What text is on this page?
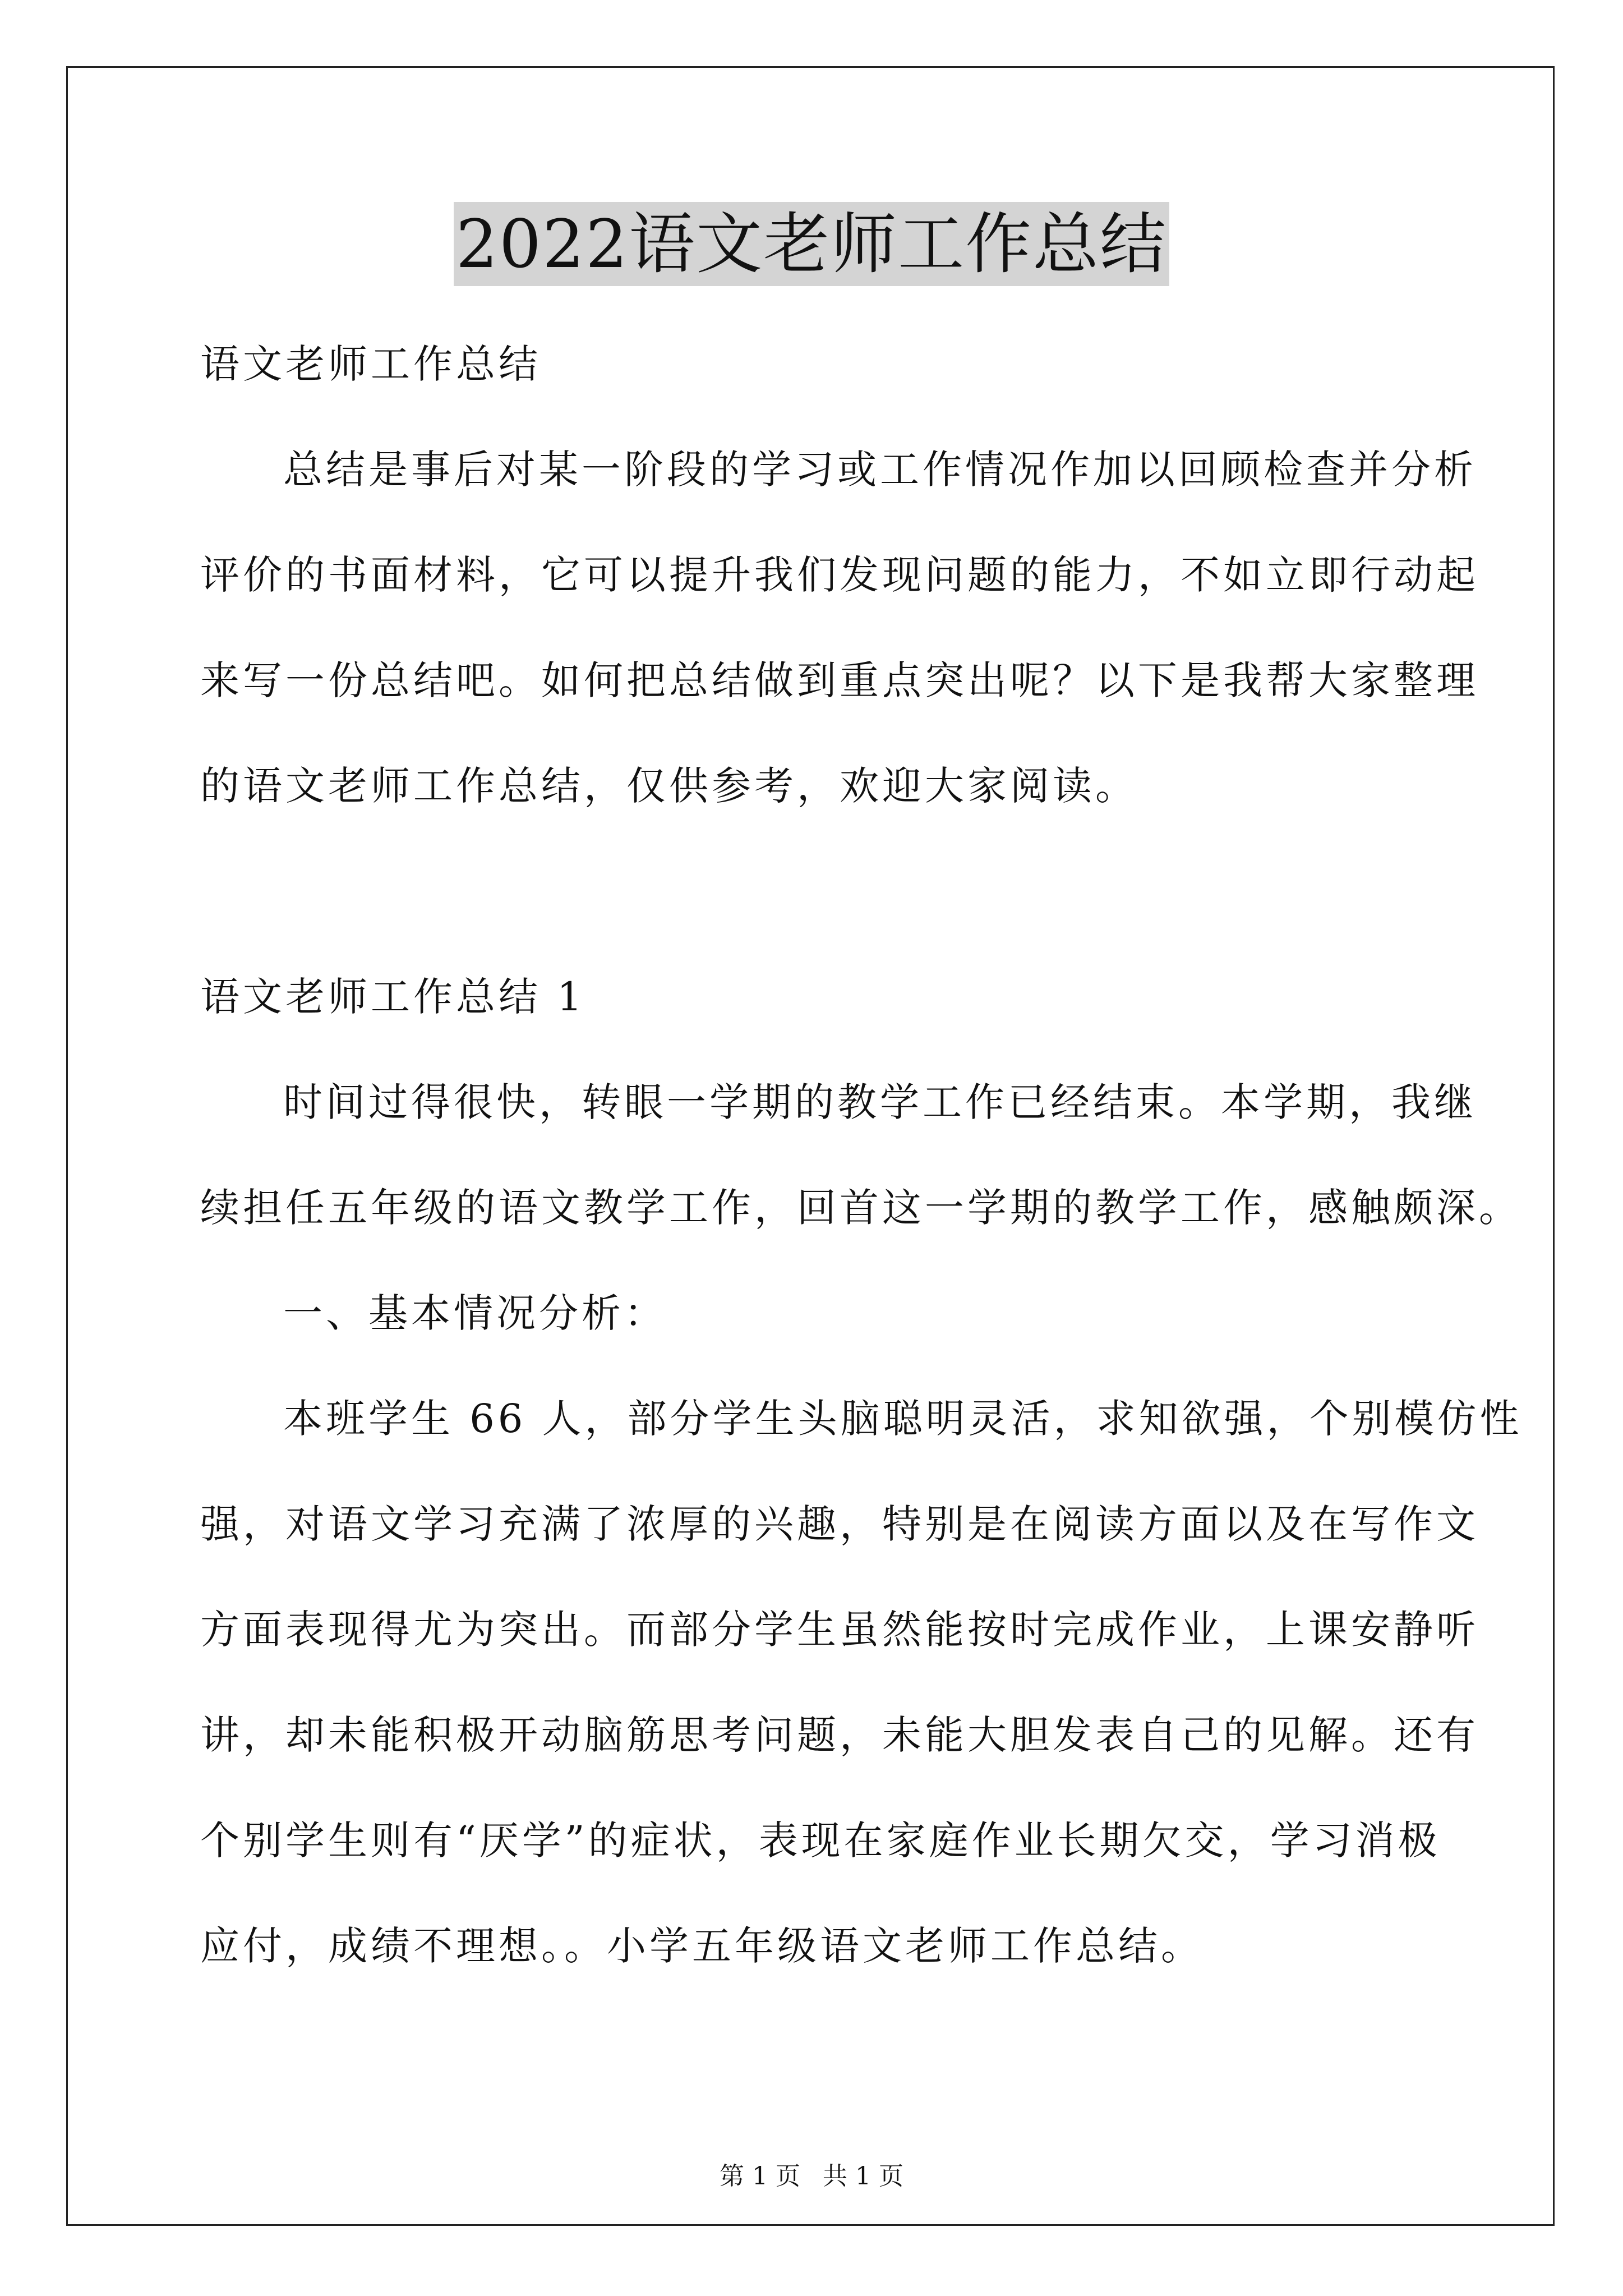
2022语文老师工作总结
语文老师工作总结
总结是事后对某一阶段的学习或工作情况作加以回顾检查并分析
评价的书面材料，它可以提升我们发现问题的能力，不如立即行动起
来写一份总结吧。如何把总结做到重点突出呢？以下是我帮大家整理
的语文老师工作总结，仅供参考，欢迎大家阅读。
语文老师工作总结 1
时间过得很快，转眼一学期的教学工作已经结束。本学期，我继
续担任五年级的语文教学工作，回首这一学期的教学工作，感触颇深。
一、基本情况分析：
本班学生 66 人，部分学生头脑聪明灵活，求知欲强，个别模仿性
强，对语文学习充满了浓厚的兴趣，特别是在阅读方面以及在写作文
方面表现得尤为突出。而部分学生虽然能按时完成作业，上课安静听
讲，却未能积极开动脑筋思考问题，未能大胆发表自己的见解。还有
个别学生则有“厌学”的症状，表现在家庭作业长期欠交，学习消极
应付，成绩不理想。。小学五年级语文老师工作总结。
第 1 页 共 1 页
